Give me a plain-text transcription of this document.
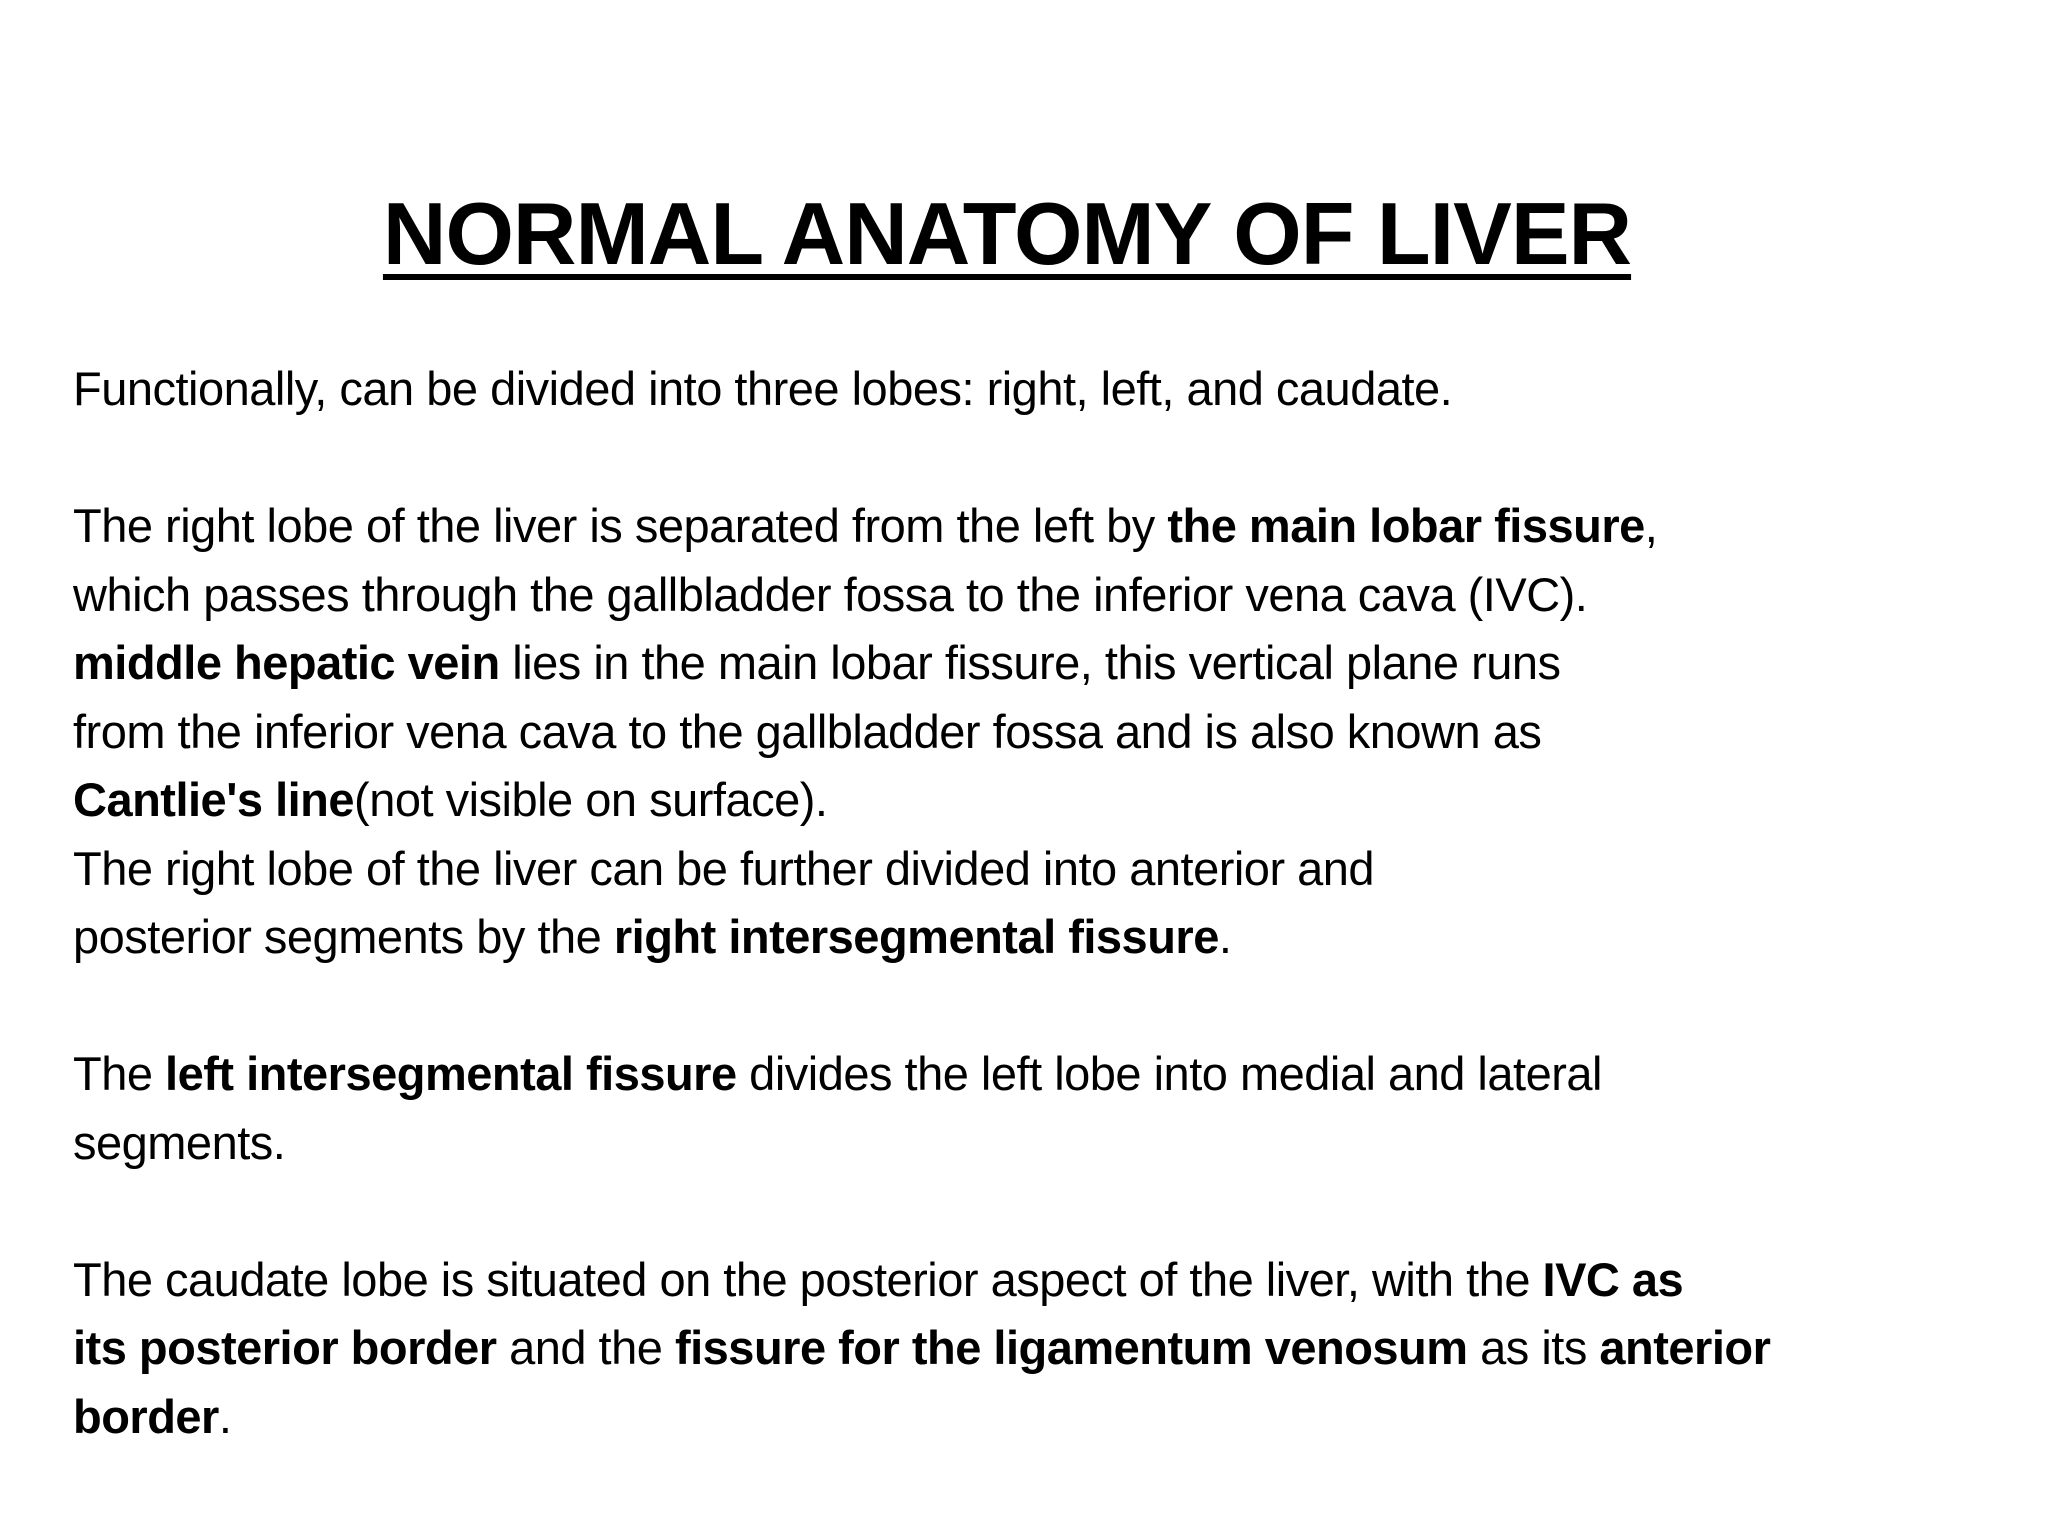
NORMAL ANATOMY OF LIVER
Functionally, can be divided into three lobes: right, left, and caudate.
The right lobe of the liver is separated from the left by the main lobar fissure,
which passes through the gallbladder fossa to the inferior vena cava (IVC).
middle hepatic vein lies in the main lobar fissure, this vertical plane runs
from the inferior vena cava to the gallbladder fossa and is also known as
Cantlie's line(not visible on surface).
The right lobe of the liver can be further divided into anterior and
posterior segments by the right intersegmental fissure.
The left intersegmental fissure divides the left lobe into medial and lateral
segments.
The caudate lobe is situated on the posterior aspect of the liver, with the IVC as
its posterior border and the fissure for the ligamentum venosum as its anterior
border.
